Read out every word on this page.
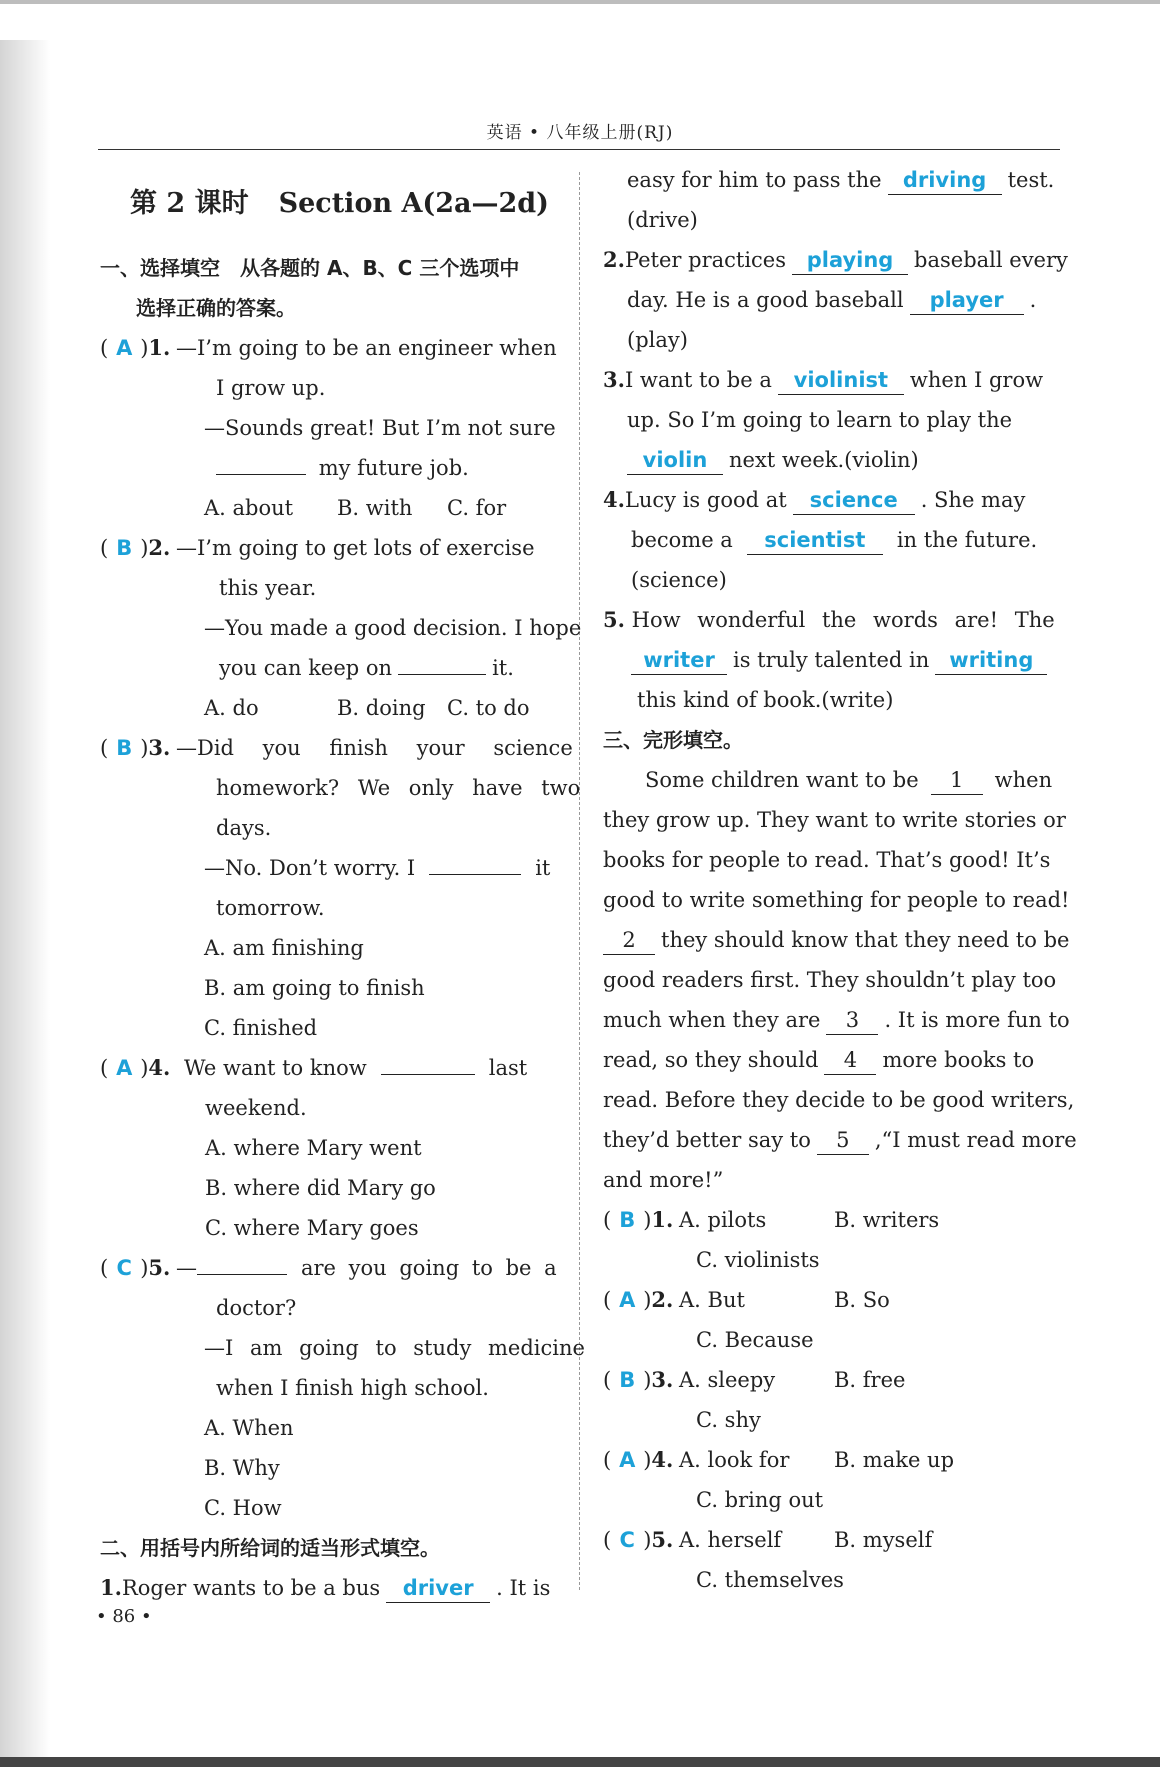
英语 • 八年级上册(RJ)
第 2 课时 Section A(2a—2d)
一、选择填空　从各题的 A、B、C 三个选项中
选择正确的答案。
( A )1. —I’m going to be an engineer when
I grow up.
—Sounds great! But I’m not sure
my future job.
A. about B. with C. for
( B )2. —I’m going to get lots of exercise
this year.
—You made a good decision. I hope
you can keep on	it.
A. do	B. doing C. to do
( B )3. —Did you finish your science
homework? We only have two
days.
—No. Don’t worry. I	it
tomorrow.
A. am finishing
B. am going to finish
C. finished
( A )4. We want to know	last
weekend.
A. where Mary went
B. where did Mary go
C. where Mary goes
( C )5. —	are you going to be a
doctor?
—I am going to study medicine
when I finish high school.
A. When
B. Why
C. How
二、用括号内所给词的适当形式填空。
1.Roger wants to be a bus driver . It is
easy for him to pass the driving test.
(drive)
2.Peter practices playing baseball every
day. He is a good baseball player .
(play)
3.I want to be a violinist when I grow
up. So I’m going to learn to play the
violin next week.(violin)
4.Lucy is good at science . She may
become a scientist in the future.
(science)
5. How wonderful the words are! The
writer is truly talented in writing
this kind of book.(write)
三、完形填空。
Some children want to be 1 when
they grow up. They want to write stories or
books for people to read. That’s good! It’s
good to write something for people to read!
2 they should know that they need to be
good readers first. They shouldn’t play too
much when they are 3 . It is more fun to
read, so they should 4 more books to
read. Before they decide to be good writers,
they’d better say to 5 ,“I must read more
and more!”
( B )1. A. pilots	B. writers
C. violinists
( A )2. A. But	B. So
C. Because
( B )3. A. sleepy	B. free
C. shy
( A )4. A. look for B. make up
C. bring out
( C )5. A. herself	B. myself
C. themselves
• 86 •
